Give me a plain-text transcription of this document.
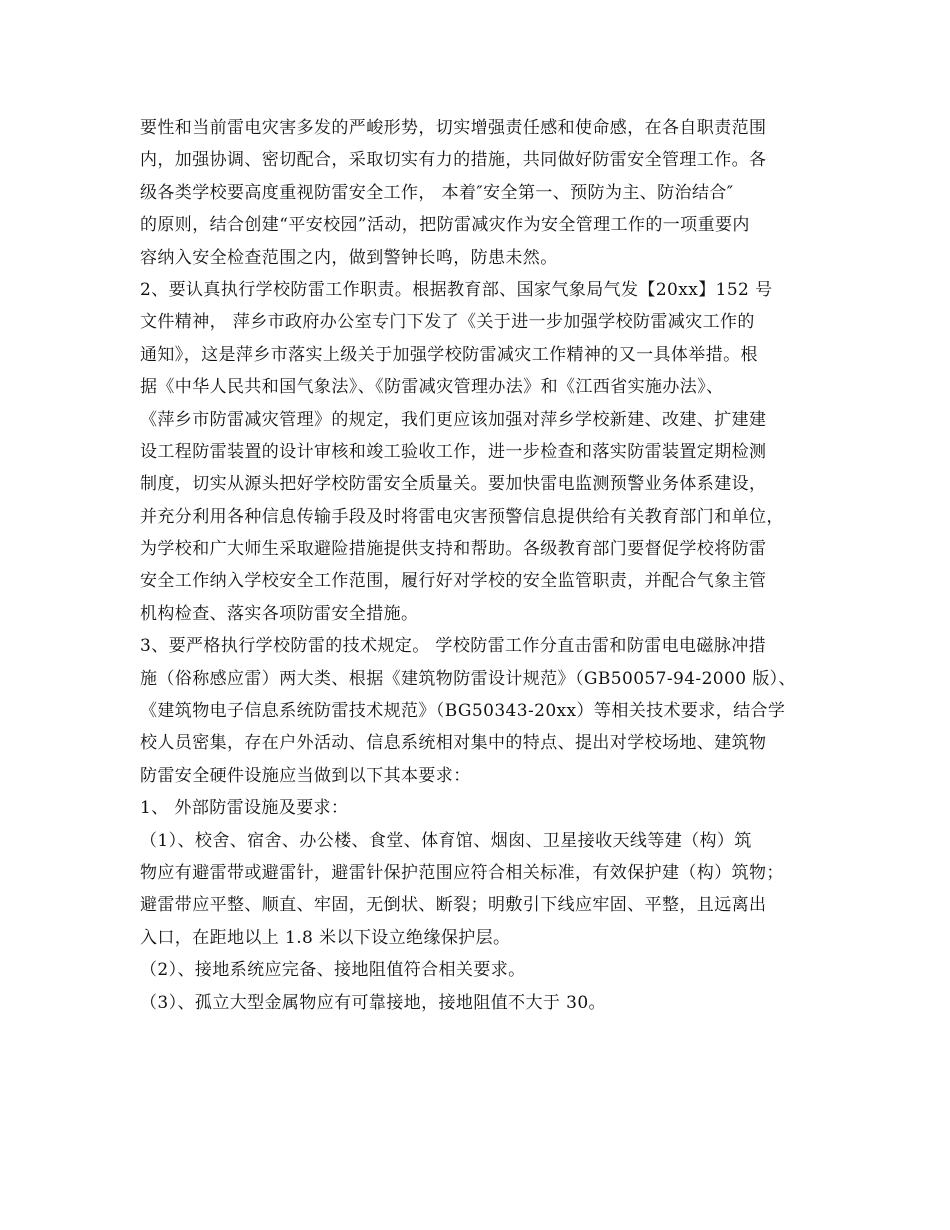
要性和当前雷电灾害多发的严峻形势，切实增强责任感和使命感，在各自职责范围
内，加强协调、密切配合，采取切实有力的措施，共同做好防雷安全管理工作。各
级各类学校要高度重视防雷安全工作， 本着″安全第一、预防为主、防治结合″
的原则，结合创建“平安校园”活动，把防雷减灾作为安全管理工作的一项重要内
容纳入安全检查范围之内，做到警钟长鸣，防患未然。
2、要认真执行学校防雷工作职责。根据教育部、国家气象局气发【20xx】152 号
文件精神， 萍乡市政府办公室专门下发了《关于进一步加强学校防雷减灾工作的
通知》，这是萍乡市落实上级关于加强学校防雷减灾工作精神的又一具体举措。根
据《中华人民共和国气象法》、《防雷减灾管理办法》和《江西省实施办法》、
《萍乡市防雷减灾管理》的规定，我们更应该加强对萍乡学校新建、改建、扩建建
设工程防雷装置的设计审核和竣工验收工作，进一步检查和落实防雷装置定期检测
制度，切实从源头把好学校防雷安全质量关。要加快雷电监测预警业务体系建设，
并充分利用各种信息传输手段及时将雷电灾害预警信息提供给有关教育部门和单位，
为学校和广大师生采取避险措施提供支持和帮助。各级教育部门要督促学校将防雷
安全工作纳入学校安全工作范围，履行好对学校的安全监管职责，并配合气象主管
机构检查、落实各项防雷安全措施。
3、要严格执行学校防雷的技术规定。 学校防雷工作分直击雷和防雷电电磁脉冲措
施（俗称感应雷）两大类、根据《建筑物防雷设计规范》（GB50057-94-2000 版）、
《建筑物电子信息系统防雷技术规范》（BG50343-20xx）等相关技术要求，结合学
校人员密集，存在户外活动、信息系统相对集中的特点、提出对学校场地、建筑物
防雷安全硬件设施应当做到以下其本要求：
1、 外部防雷设施及要求：
（1）、校舍、宿舍、办公楼、食堂、体育馆、烟囱、卫星接收天线等建（构）筑
物应有避雷带或避雷针，避雷针保护范围应符合相关标准，有效保护建（构）筑物；
避雷带应平整、顺直、牢固，无倒状、断裂；明敷引下线应牢固、平整，且远离出
入口，在距地以上 1.8 米以下设立绝缘保护层。
（2）、接地系统应完备、接地阻值符合相关要求。
（3）、孤立大型金属物应有可靠接地，接地阻值不大于 30。
